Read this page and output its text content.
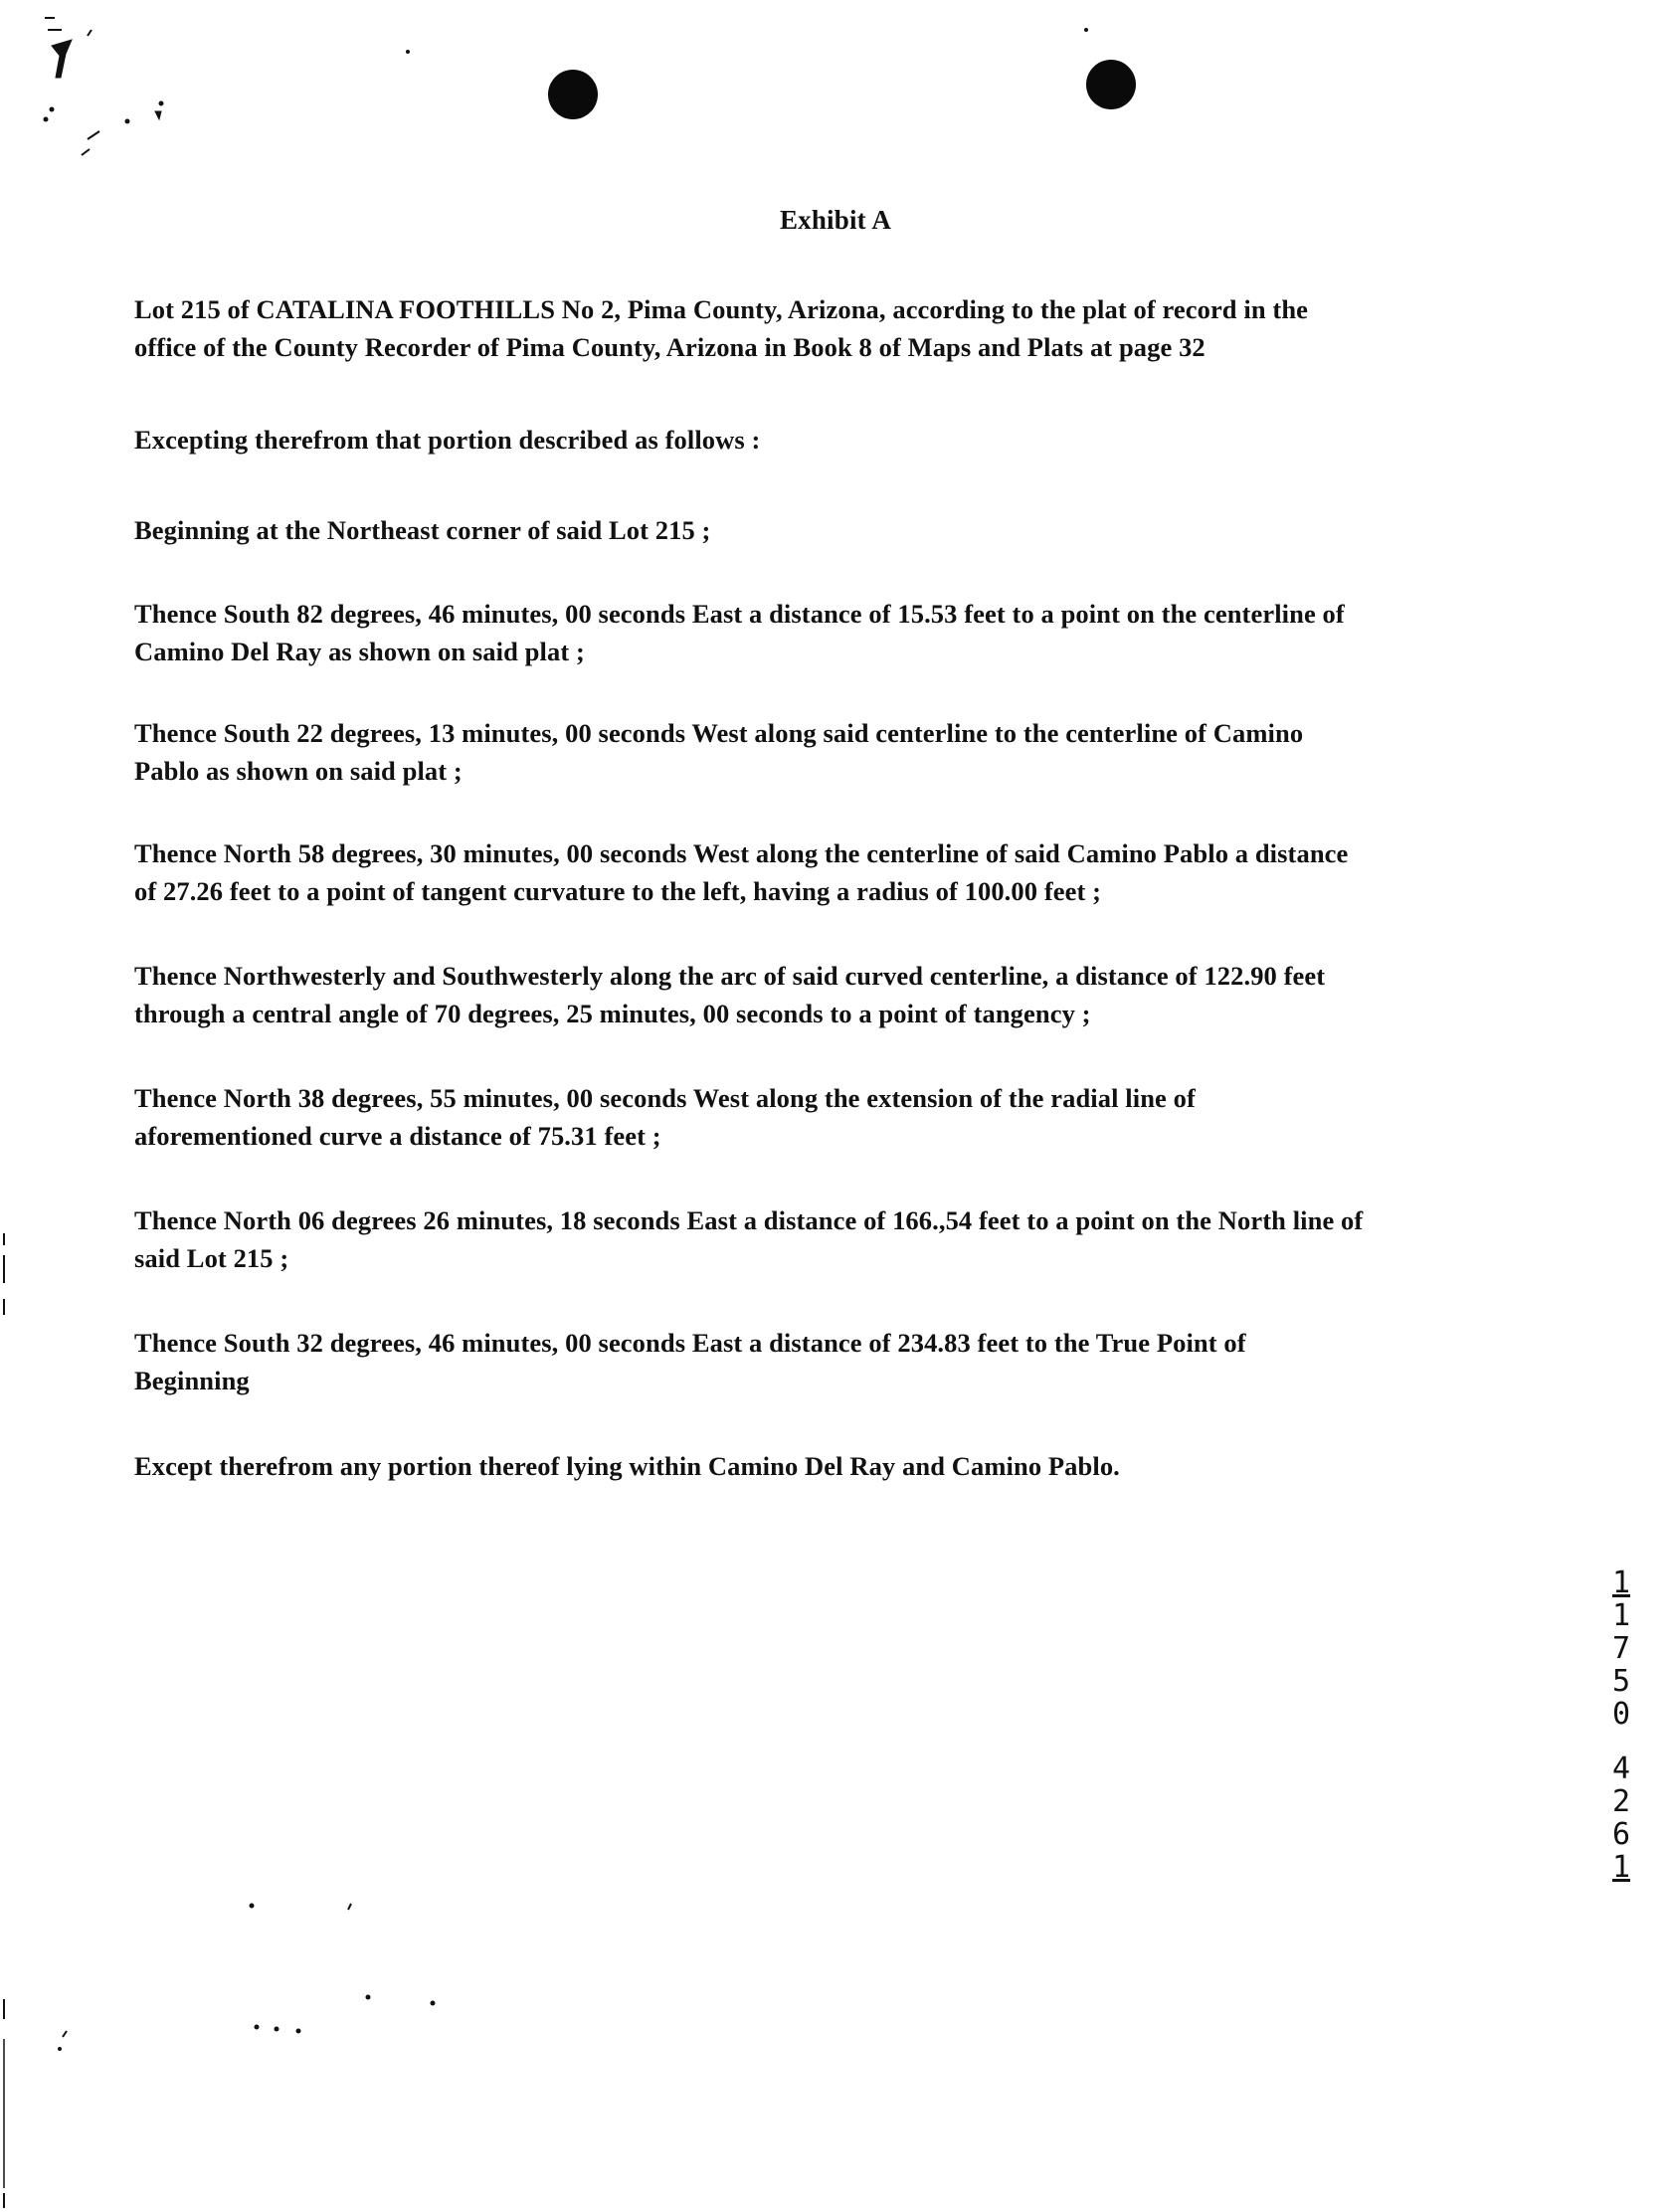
Exhibit A
Lot 215 of CATALINA FOOTHILLS No 2, Pima County, Arizona, according to the plat of record in the
office of the County Recorder of Pima County, Arizona in Book 8 of Maps and Plats at page 32
Excepting therefrom that portion described as follows :
Beginning at the Northeast corner of said Lot 215 ;
Thence South 82 degrees, 46 minutes, 00 seconds East a distance of 15.53 feet to a point on the centerline of
Camino Del Ray as shown on said plat ;
Thence South 22 degrees, 13 minutes, 00 seconds West along said centerline to the centerline of Camino
Pablo as shown on said plat ;
Thence North 58 degrees, 30 minutes, 00 seconds West along the centerline of said Camino Pablo a distance
of 27.26 feet to a point of tangent curvature to the left, having a radius of 100.00 feet ;
Thence Northwesterly and Southwesterly along the arc of said curved centerline, a distance of 122.90 feet
through a central angle of 70 degrees, 25 minutes, 00 seconds to a point of tangency ;
Thence North 38 degrees, 55 minutes, 00 seconds West along the extension of the radial line of
aforementioned curve a distance of 75.31 feet ;
Thence North 06 degrees 26 minutes, 18 seconds East a distance of 166.,54 feet to a point on the North line of
said Lot 215 ;
Thence South 32 degrees, 46 minutes, 00 seconds East a distance of 234.83 feet to the True Point of
Beginning
Except therefrom any portion thereof lying within Camino Del Ray and Camino Pablo.
1
1
7
5
0
4
2
6
1
